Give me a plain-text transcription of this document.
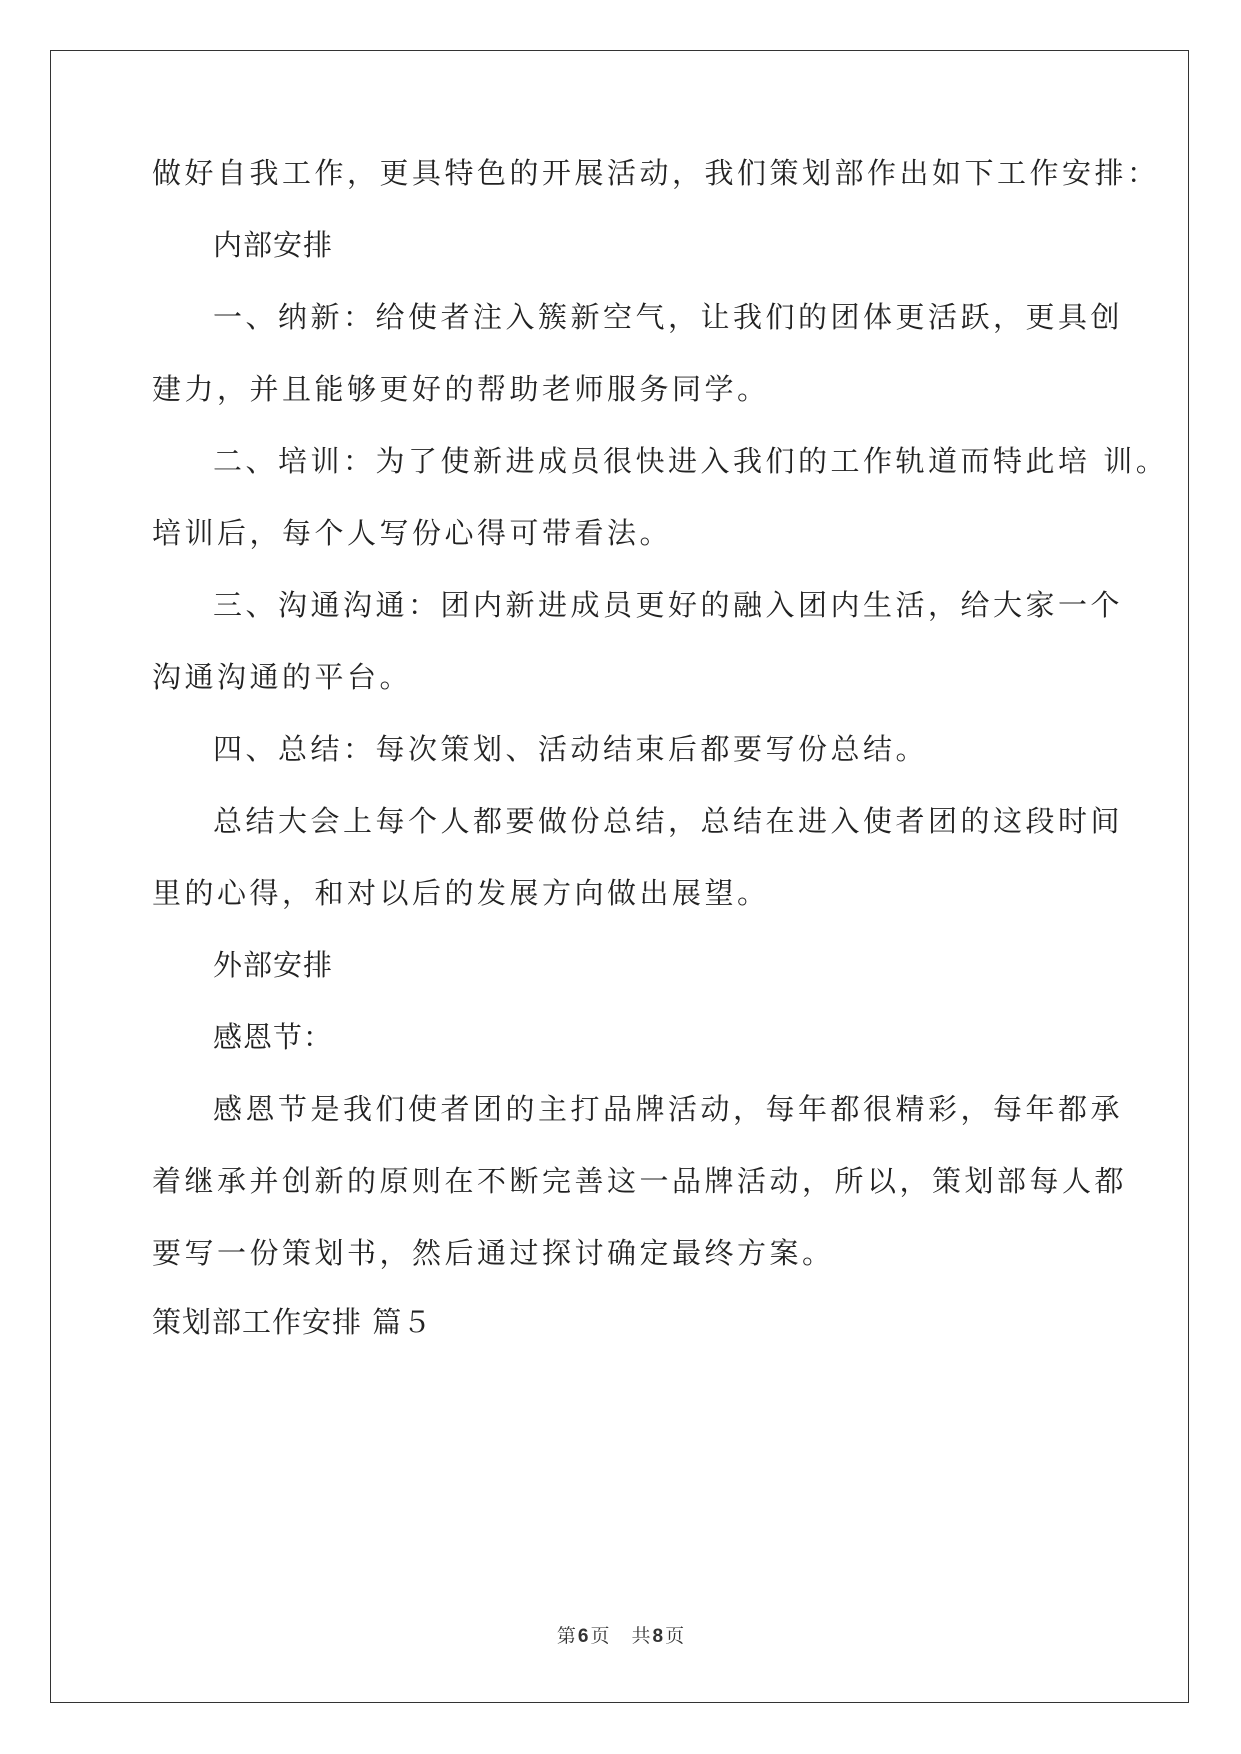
做好自我工作，更具特色的开展活动，我们策划部作出如下工作安排：

内部安排

一、纳新：给使者注入簇新空气，让我们的团体更活跃，更具创

建力，并且能够更好的帮助老师服务同学。

二、培训：为了使新进成员很快进入我们的工作轨道而特此培 训。

培训后，每个人写份心得可带看法。

三、沟通沟通：团内新进成员更好的融入团内生活，给大家一个

沟通沟通的平台。

四、总结：每次策划、活动结束后都要写份总结。

总结大会上每个人都要做份总结，总结在进入使者团的这段时间

里的心得，和对以后的发展方向做出展望。

外部安排

感恩节：

感恩节是我们使者团的主打品牌活动，每年都很精彩，每年都承

着继承并创新的原则在不断完善这一品牌活动，所以，策划部每人都

要写一份策划书，然后通过探讨确定最终方案。

策划部工作安排 篇５

第 6 页 共 8 页
